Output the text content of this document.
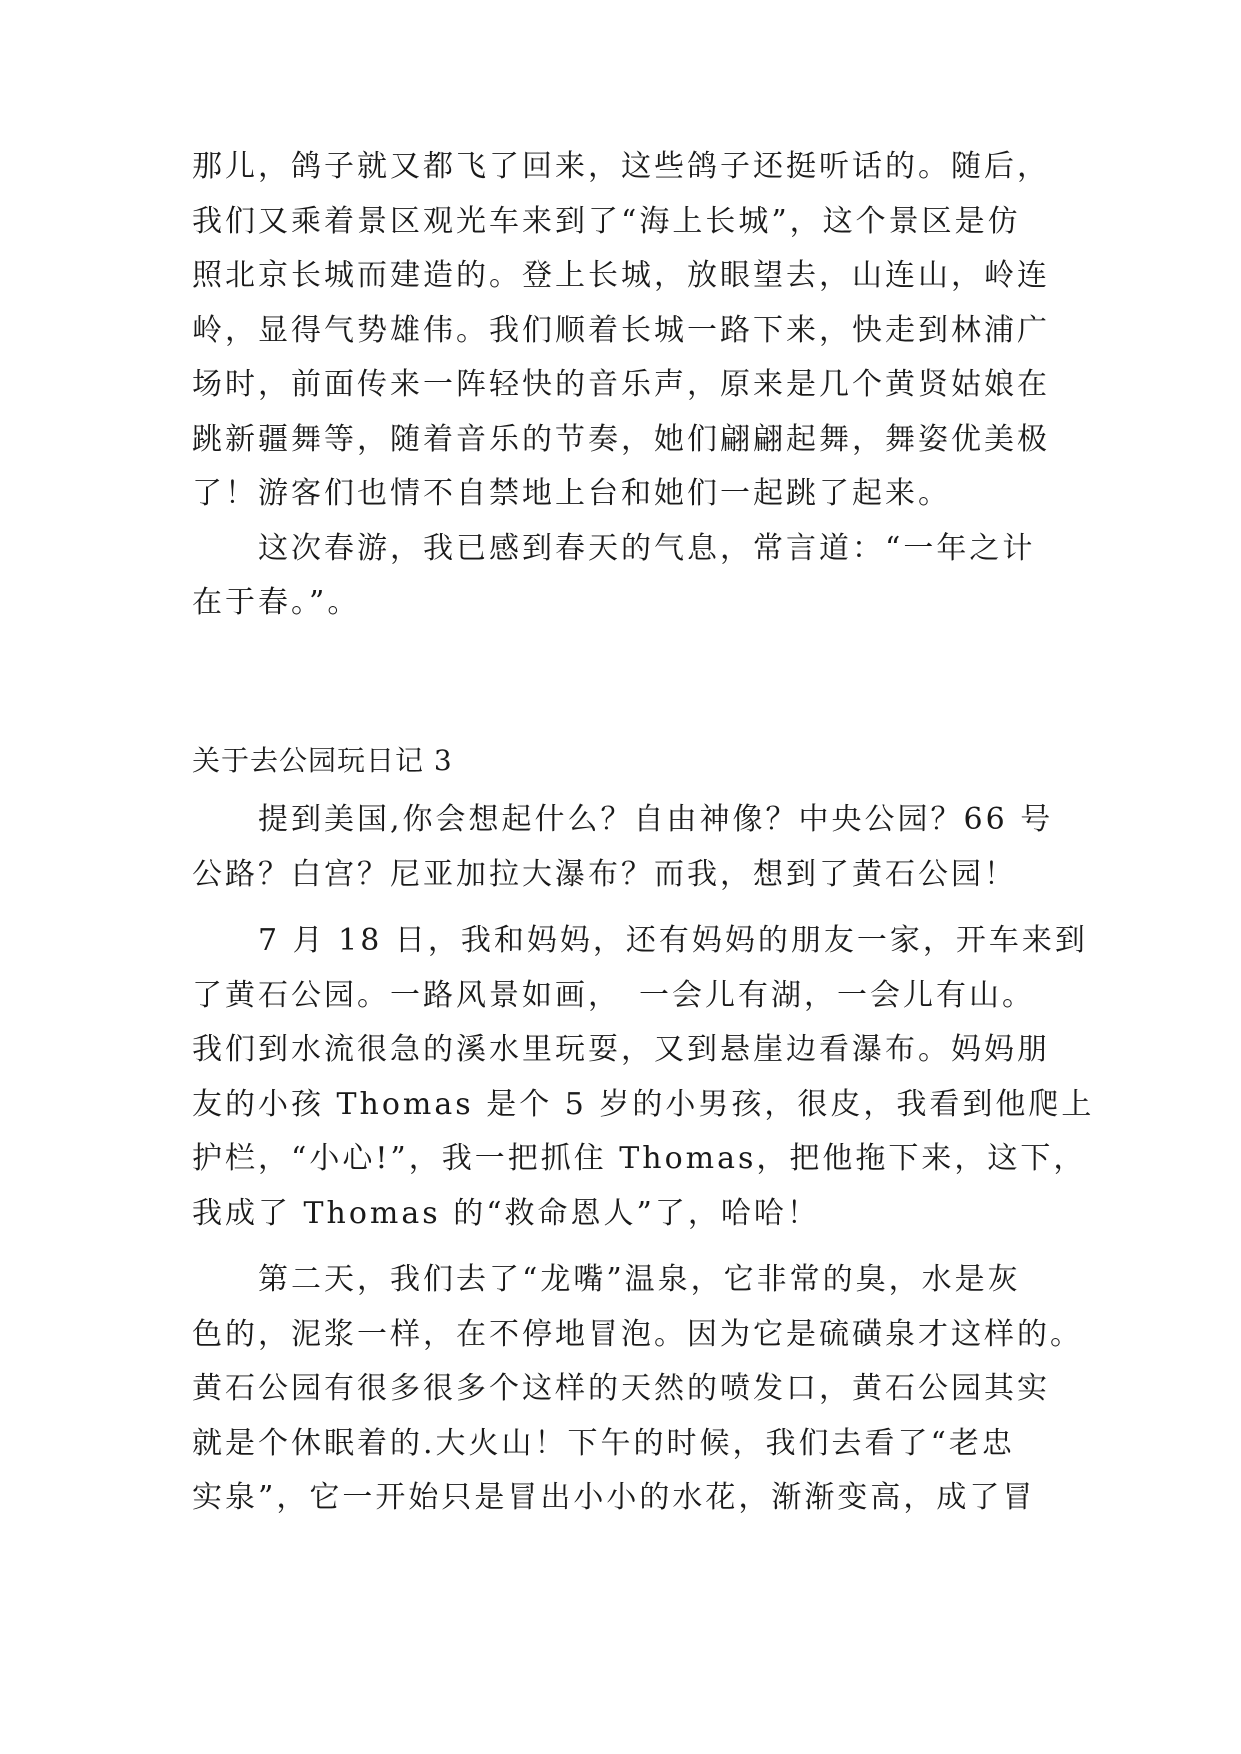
那儿，鸽子就又都飞了回来，这些鸽子还挺听话的。随后，
我们又乘着景区观光车来到了“海上长城”，这个景区是仿
照北京长城而建造的。登上长城，放眼望去，山连山，岭连
岭，显得气势雄伟。我们顺着长城一路下来，快走到林浦广
场时，前面传来一阵轻快的音乐声，原来是几个黄贤姑娘在
跳新疆舞等，随着音乐的节奏，她们翩翩起舞，舞姿优美极
了！游客们也情不自禁地上台和她们一起跳了起来。
　　这次春游，我已感到春天的气息，常言道：“一年之计
在于春。”。
关于去公园玩日记 3
　　提到美国,你会想起什么？自由神像？中央公园？66 号
公路？白宫？尼亚加拉大瀑布？而我，想到了黄石公园！
　　7 月 18 日，我和妈妈，还有妈妈的朋友一家，开车来到
了黄石公园。一路风景如画，　一会儿有湖，一会儿有山。
我们到水流很急的溪水里玩耍，又到悬崖边看瀑布。妈妈朋
友的小孩 Thomas 是个 5 岁的小男孩，很皮，我看到他爬上
护栏，“小心!”，我一把抓住 Thomas，把他拖下来，这下，
我成了 Thomas 的“救命恩人”了，哈哈！
　　第二天，我们去了“龙嘴”温泉，它非常的臭，水是灰
色的，泥浆一样，在不停地冒泡。因为它是硫磺泉才这样的。
黄石公园有很多很多个这样的天然的喷发口，黄石公园其实
就是个休眠着的.大火山！下午的时候，我们去看了“老忠
实泉”，它一开始只是冒出小小的水花，渐渐变高，成了冒
